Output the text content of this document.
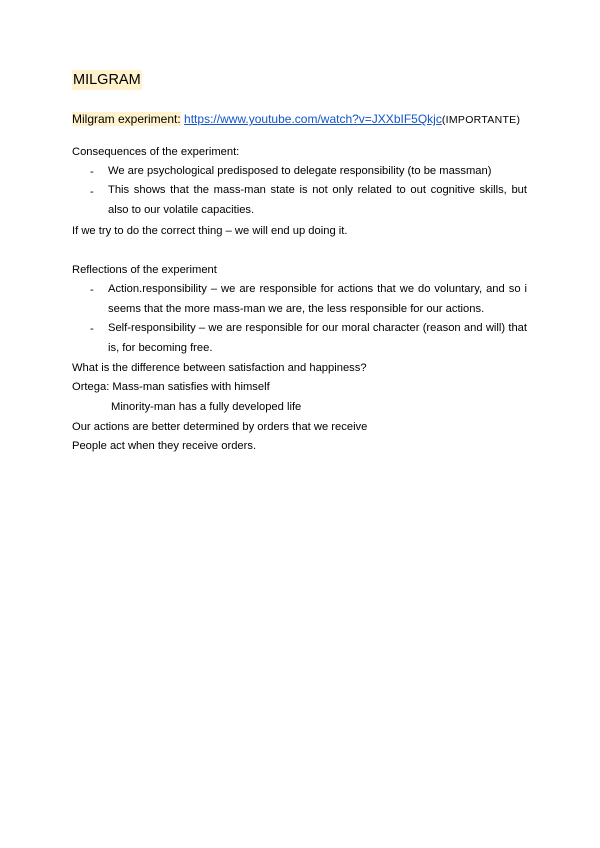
MILGRAM
Milgram experiment: https://www.youtube.com/watch?v=JXXbIF5Qkjc(IMPORTANTE)
Consequences of the experiment:
- We are psychological predisposed to delegate responsibility (to be massman)
- This shows that the mass-man state is not only related to out cognitive skills, but also to our volatile capacities.
If we try to do the correct thing – we will end up doing it.
Reflections of the experiment
- Action.responsibility – we are responsible for actions that we do voluntary, and so i seems that the more mass-man we are, the less responsible for our actions.
- Self-responsibility – we are responsible for our moral character (reason and will) that is, for becoming free.
What is the difference between satisfaction and happiness?
Ortega: Mass-man satisfies with himself
Minority-man has a fully developed life
Our actions are better determined by orders that we receive
People act when they receive orders.
